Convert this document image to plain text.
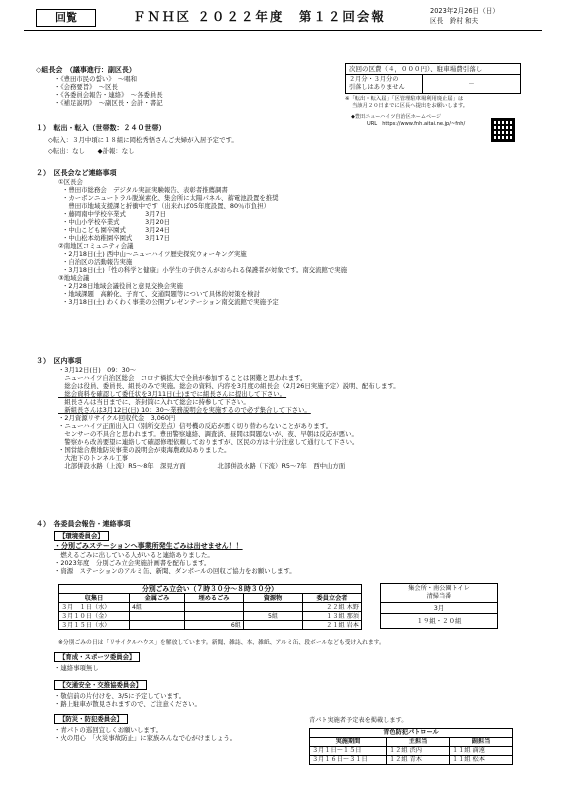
回覧	ＦＮＨ区 ２０２２年度　第１２回会報	2023年2月26日（日）
区長　鈴村 和夫
◇組長会　（議事進行：副区長）
・《豊田市民の誓い》　～唱和
・《会務要旨》　～区長
・《各委員会報告・連絡》　～各委員長
・《補足説明》　～副区長・会計・書記
次回の区費（４，０００円）、駐車場費引落し
２月分・３月分の
引落しはありません	－
※「転出・転入届」「区管理駐車場利用廃止届」は
当該月２０日までに区長へ提出をお願いします。
◆豊田ニューハイツ自治区ホームページ
URL　https://www.fnh.aitai.ne.jp/~fnh/
１）　転出・転入（世帯数：２４０世帯）
◇転入：３月中頃に１８組に岡松秀悟さんご夫婦が入居予定です。
◇転出：なし　　◆訃報：なし
２）　区長会など連絡事項
①区長会
・豊田市総務会　デジタル実証実験報告、表彰者推薦調書
・カーボンニュートラル脱炭素化、集会所に太陽パネル、蓄電池設置を推奨
　豊田市地域支援課と折衝中です（出来れば05年度設置、80％市負担）
・藤岡南中学校卒業式　　　3月7日
・中山小学校卒業式　　　　3月20日
・中山こども園卒園式　　　3月24日
・中山松本幼稚園卒園式　　3月17日
②南地区コミュニティ会議
・2月18日(土) 西中山～ニューハイツ歴史探究ウォーキング実施
・自治区の活動報告実施
・3月18日(土)「性の科学と健康」小学生の子供さんがおられる保護者が対象です。南交流館で実施
③地域会議
・2月28日地域会議役員と意見交換会実施
・地域課題　高齢化、子育て、交通問題等について具体的対策を検討
・3月18日(土) わくわく事業の公開プレゼンテーション南交流館で実施予定
３）　区内事項
・3月12日(日)　09：30～
　ニューハイツ自治区総会　コロナ禍拡大で全員が参加することは困難と思われます。
　総会は役員、委員長、組長のみで実施。総会の資料、内容を3月度の組長会（2月26日実施予定）説明、配布します。
　総会資料を確認して委任状を3月11日(土)までに組長さんに提出して下さい。
　組長さんは当日までに、茶封筒に入れて総会に持参して下さい。
　新組長さんは3月12日(日) 10：30～業務説明会を実施するので必ず集合して下さい。
・2月資源リサイクル回収代金　3,060円
・ニューハイツ正面出入口（別所交差点）信号機の反応が悪く切り替わらないことがあります。
　センサーの不具合と思われます。豊田警察連絡、調査済、昼間は問題ないが、夜、早朝は反応が悪い。
　警察から改善要望に連絡して確認修理依頼しておりますが、区民の方は十分注意して通行して下さい。
・国営総合農地防災事業の説明会が東海農政局ありました。
　大池下のトンネル工事
　北部併設水路（上流）R5～8年　深見方面　　　　　北部併設水路（下流）R5～7年　西中山方面
４）　各委員会報告・連絡事項
【環境委員会】
・分別ごみステーションへ事業所発生ごみは出せません！！
　燃えるごみに出している人がいると連絡ありました。
・2023年度　分別ごみ立会実施計画書を配布します。
・資源　ステーションのアルミ缶、新聞、ダンボールの回収ご協力をお願いします。
分別ごみ立会い（７時３０分～８時３０分）				
収集日	金属ごみ	埋めるごみ	資源物	委員立会者
３月　１日（水）	4組			２２組 木野
３月１０日（金）			5組	１３組 那須
３月１５日（水）		6組		２１組 岩本
※分別ごみの日は「リサイクルハウス」を解放しています。新聞、雑誌、本、雑紙、アルミ缶、段ボールなども受け入れます。
集会所・南公園トイレ
清掃当番
3月
１９組・２０組
【育成・スポーツ委員会】
・連絡事項無し
【交通安全・交推協委員会】
・敬信前の片付けを、3/5に予定しています。
・路上駐車が散見されますので、ご注意ください。
【防災・防犯委員会】
・青パトの巡回宜しくお願いします。
・火の用心　「火災事故防止」に家族みんなで心がけましょう。
青パト実施者予定表を掲載します。
青色防犯パトロール		
実施期間	主担当	副担当
３月１日～１５日	１２組 渋内	１１組 満遠
３月１６日～３１日	１２組 青木	１１組 松本
